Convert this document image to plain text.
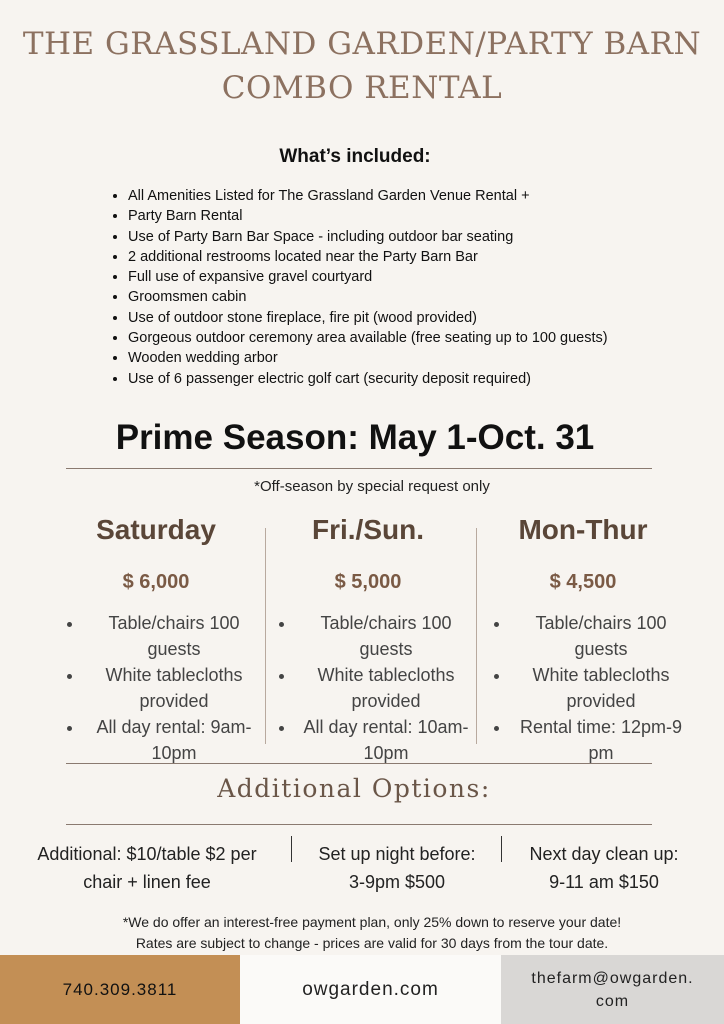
THE GRASSLAND GARDEN/PARTY BARN
COMBO RENTAL
What’s included:
• All Amenities Listed for The Grassland Garden Venue Rental +
• Party Barn Rental
• Use of Party Barn Bar Space - including outdoor bar seating
• 2 additional restrooms located near the Party Barn Bar
• Full use of expansive gravel courtyard
• Groomsmen cabin
• Use of outdoor stone fireplace, fire pit (wood provided)
• Gorgeous outdoor ceremony area available (free seating up to 100 guests)
• Wooden wedding arbor
• Use of 6 passenger electric golf cart (security deposit required)
Prime Season: May 1-Oct. 31
*Off-season by special request only
Saturday
$ 6,000
• Table/chairs 100 guests
• White tablecloths provided
• All day rental: 9am-10pm
Fri./Sun.
$ 5,000
• Table/chairs 100 guests
• White tablecloths provided
• All day rental: 10am-10pm
Mon-Thur
$ 4,500
• Table/chairs 100 guests
• White tablecloths provided
• Rental time: 12pm-9 pm
Additional Options:
Additional: $10/table $2 per
chair + linen fee
Set up night before:
3-9pm $500
Next day clean up:
9-11 am $150
*We do offer an interest-free payment plan, only 25% down to reserve your date!
Rates are subject to change - prices are valid for 30 days from the tour date.
740.309.3811	owgarden.com
thefarm@owgarden.
com
